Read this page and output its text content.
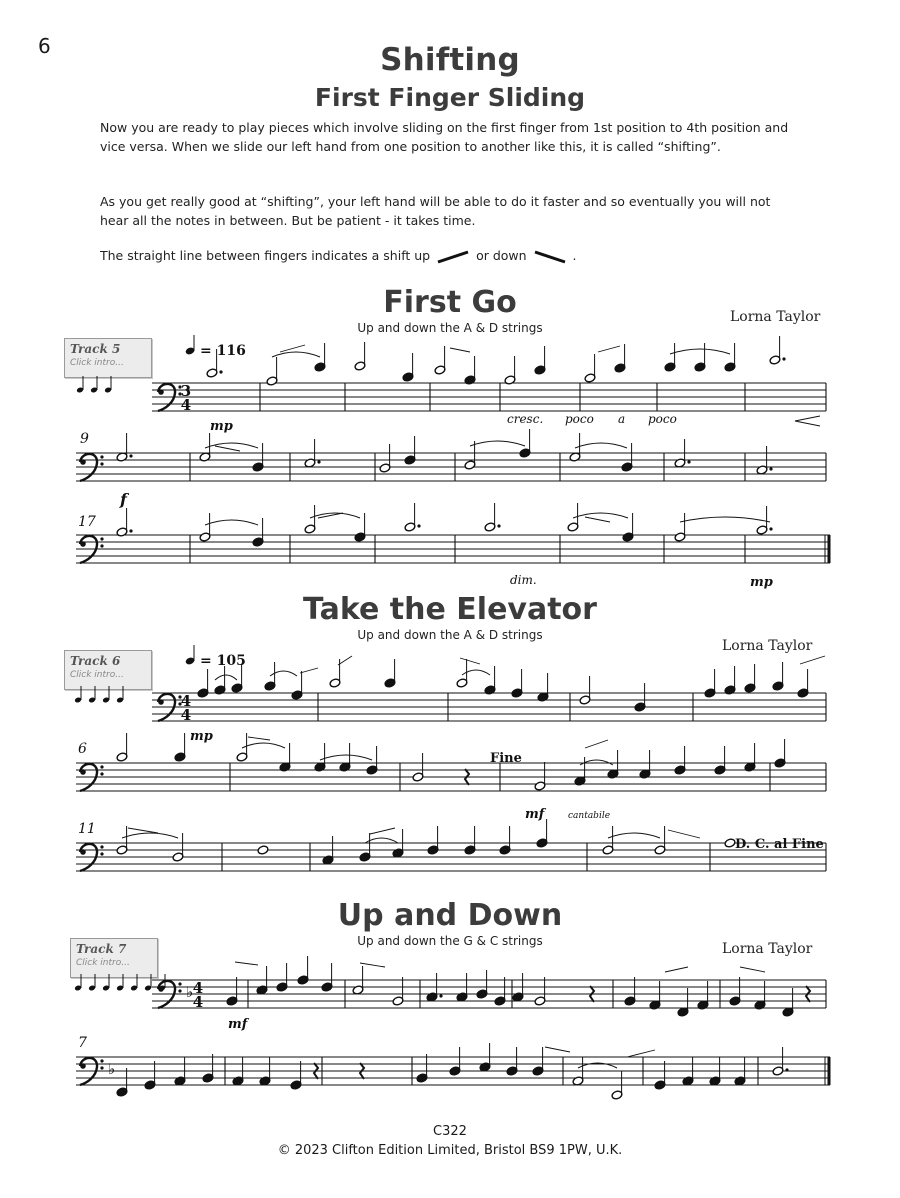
6	Shifting
First Finger Sliding
Now you are ready to play pieces which involve sliding on the first finger from 1st position to 4th position and vice versa. When we slide our left hand from one position to another like this, it is called “shifting”.
As you get really good at “shifting”, your left hand will be able to do it faster and so eventually you will not hear all the notes in between. But be patient - it takes time.
The straight line between fingers indicates a shift up	or down	.
First Go
Up and down the A & D strings
Lorna Taylor
Track 5
Click intro...
Take the Elevator
Up and down the A & D strings
Lorna Taylor
Track 6
Click intro...
Up and Down
Up and down the G & C strings	Lorna Taylor
Track 7
Click intro...
3
4
= 116
mp	cresc. poco a poco
9
f
17
dim.	mp
4
4
= 105
mp
6
Fine
mf	cantabile
11
D. C. al Fine
♭ 4
4
mf
7
♭
C322
© 2023 Clifton Edition Limited, Bristol BS9 1PW, U.K.
